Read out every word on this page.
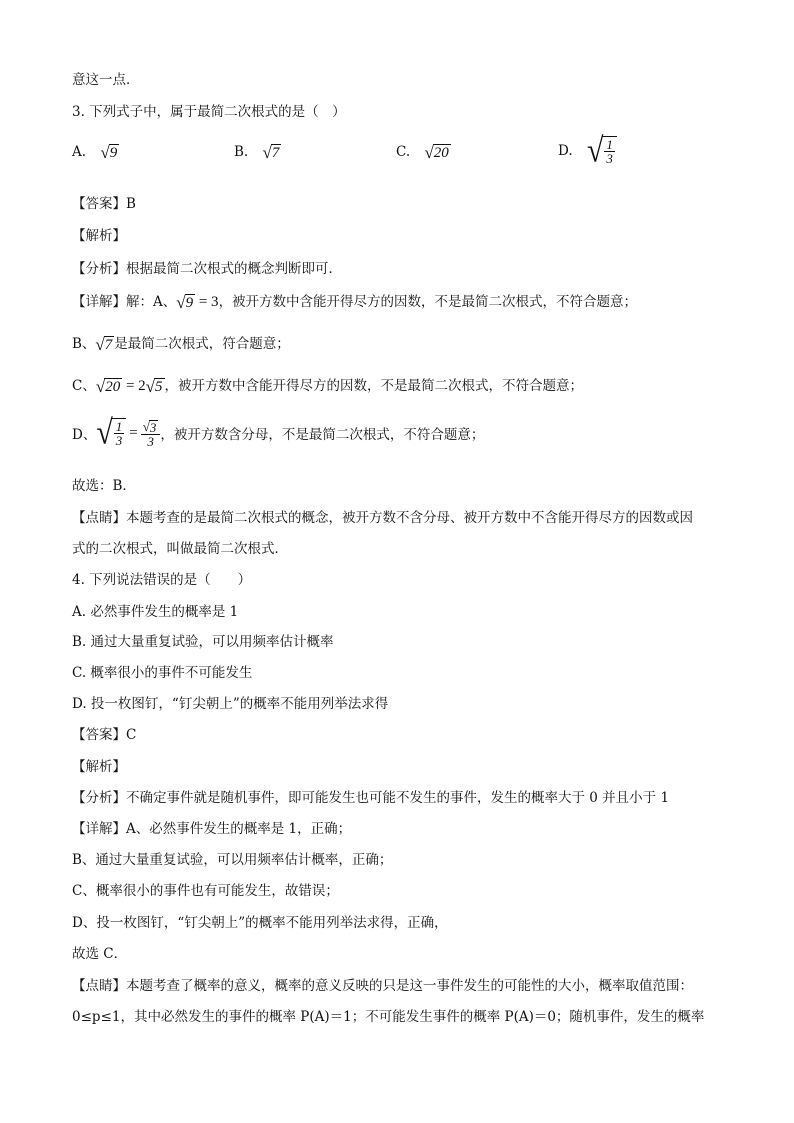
意这一点．
3. 下列式子中，属于最简二次根式的是（　）
A. √ 9	B. √ 7	C. √ 20	D. √ $\frac{1}{3}$
【答案】B
【解析】
【分析】根据最简二次根式的概念判断即可．
【详解】解：A、 √ 9 = 3，被开方数中含能开得尽方的因数，不是最简二次根式，不符合题意；
B、 √ 7 是最简二次根式，符合题意；
C、 √ 20 = 2 √ 5 ，被开方数中含能开得尽方的因数，不是最简二次根式，不符合题意；
D、 √ $\frac{1}{3} = \frac{√ 3}{3}$ ，被开方数含分母，不是最简二次根式，不符合题意；
故选：B．
【点睛】本题考查的是最简二次根式的概念，被开方数不含分母、被开方数中不含能开得尽方的因数或因
式的二次根式，叫做最简二次根式．
4. 下列说法错误的是（　　）
A. 必然事件发生的概率是 1
B. 通过大量重复试验，可以用频率估计概率
C. 概率很小的事件不可能发生
D. 投一枚图钉，“钉尖朝上”的概率不能用列举法求得
【答案】C
【解析】
【分析】不确定事件就是随机事件，即可能发生也可能不发生的事件，发生的概率大于 0 并且小于 1
【详解】A、必然事件发生的概率是 1，正确；
B、通过大量重复试验，可以用频率估计概率，正确；
C、概率很小的事件也有可能发生，故错误；
D、投一枚图钉，“钉尖朝上”的概率不能用列举法求得，正确，
故选 C．
【点睛】本题考查了概率的意义，概率的意义反映的只是这一事件发生的可能性的大小，概率取值范围：
0≤p≤1，其中必然发生的事件的概率 P(A)＝1；不可能发生事件的概率 P(A)＝0；随机事件，发生的概率
